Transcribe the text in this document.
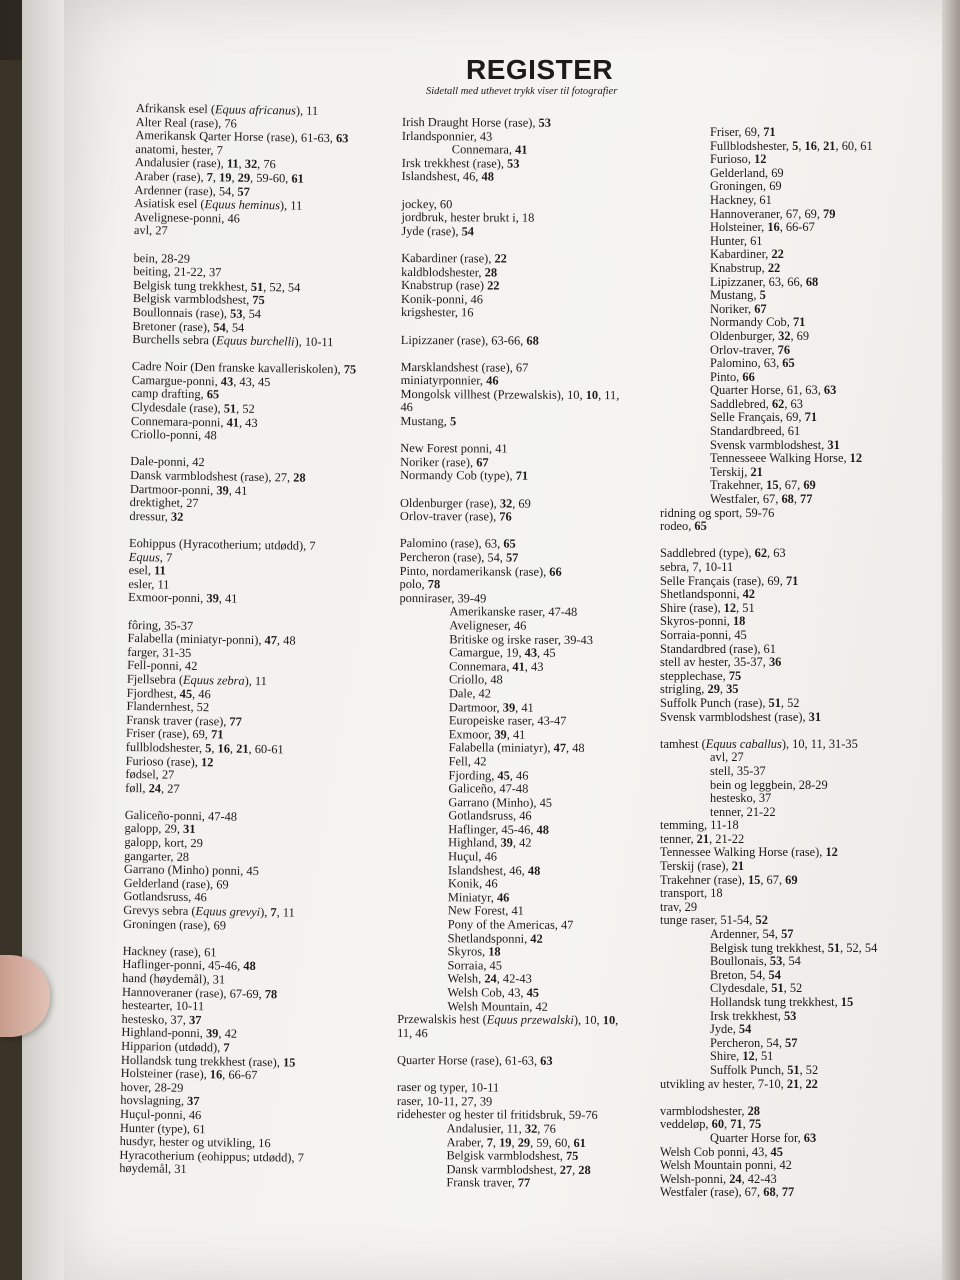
REGISTER
Sidetall med uthevet trykk viser til fotografier
Afrikansk esel (Equus africanus), 11
Alter Real (rase), 76
Amerikansk Qarter Horse (rase), 61-63, 63
anatomi, hester, 7
Andalusier (rase), 11, 32, 76
Araber (rase), 7, 19, 29, 59-60, 61
Ardenner (rase), 54, 57
Asiatisk esel (Equus heminus), 11
Avelignese-ponni, 46
avl, 27
bein, 28-29
beiting, 21-22, 37
Belgisk tung trekkhest, 51, 52, 54
Belgisk varmblodshest, 75
Boullonnais (rase), 53, 54
Bretoner (rase), 54, 54
Burchells sebra (Equus burchelli), 10-11
Cadre Noir (Den franske kavalleriskolen), 75
Camargue-ponni, 43, 43, 45
camp drafting, 65
Clydesdale (rase), 51, 52
Connemara-ponni, 41, 43
Criollo-ponni, 48
Dale-ponni, 42
Dansk varmblodshest (rase), 27, 28
Dartmoor-ponni, 39, 41
drektighet, 27
dressur, 32
Eohippus (Hyracotherium; utdødd), 7
Equus, 7
esel, 11
esler, 11
Exmoor-ponni, 39, 41
fôring, 35-37
Falabella (miniatyr-ponni), 47, 48
farger, 31-35
Fell-ponni, 42
Fjellsebra (Equus zebra), 11
Fjordhest, 45, 46
Flandernhest, 52
Fransk traver (rase), 77
Friser (rase), 69, 71
fullblodshester, 5, 16, 21, 60-61
Furioso (rase), 12
fødsel, 27
føll, 24, 27
Galiceño-ponni, 47-48
galopp, 29, 31
galopp, kort, 29
gangarter, 28
Garrano (Minho) ponni, 45
Gelderland (rase), 69
Gotlandsruss, 46
Grevys sebra (Equus grevyi), 7, 11
Groningen (rase), 69
Hackney (rase), 61
Haflinger-ponni, 45-46, 48
hand (høydemål), 31
Hannoveraner (rase), 67-69, 78
hestearter, 10-11
hestesko, 37, 37
Highland-ponni, 39, 42
Hipparion (utdødd), 7
Hollandsk tung trekkhest (rase), 15
Holsteiner (rase), 16, 66-67
hover, 28-29
hovslagning, 37
Huçul-ponni, 46
Hunter (type), 61
husdyr, hester og utvikling, 16
Hyracotherium (eohippus; utdødd), 7
høydemål, 31
Irish Draught Horse (rase), 53
Irlandsponnier, 43
Connemara, 41
Irsk trekkhest (rase), 53
Islandshest, 46, 48
jockey, 60
jordbruk, hester brukt i, 18
Jyde (rase), 54
Kabardiner (rase), 22
kaldblodshester, 28
Knabstrup (rase) 22
Konik-ponni, 46
krigshester, 16
Lipizzaner (rase), 63-66, 68
Marsklandshest (rase), 67
miniatyrponnier, 46
Mongolsk villhest (Przewalskis), 10, 10, 11,
46
Mustang, 5
New Forest ponni, 41
Noriker (rase), 67
Normandy Cob (type), 71
Oldenburger (rase), 32, 69
Orlov-traver (rase), 76
Palomino (rase), 63, 65
Percheron (rase), 54, 57
Pinto, nordamerikansk (rase), 66
polo, 78
ponniraser, 39-49
Amerikanske raser, 47-48
Aveligneser, 46
Britiske og irske raser, 39-43
Camargue, 19, 43, 45
Connemara, 41, 43
Criollo, 48
Dale, 42
Dartmoor, 39, 41
Europeiske raser, 43-47
Exmoor, 39, 41
Falabella (miniatyr), 47, 48
Fell, 42
Fjording, 45, 46
Galiceño, 47-48
Garrano (Minho), 45
Gotlandsruss, 46
Haflinger, 45-46, 48
Highland, 39, 42
Huçul, 46
Islandshest, 46, 48
Konik, 46
Miniatyr, 46
New Forest, 41
Pony of the Americas, 47
Shetlandsponni, 42
Skyros, 18
Sorraia, 45
Welsh, 24, 42-43
Welsh Cob, 43, 45
Welsh Mountain, 42
Przewalskis hest (Equus przewalski), 10, 10,
11, 46
Quarter Horse (rase), 61-63, 63
raser og typer, 10-11
raser, 10-11, 27, 39
ridehester og hester til fritidsbruk, 59-76
Andalusier, 11, 32, 76
Araber, 7, 19, 29, 59, 60, 61
Belgisk varmblodshest, 75
Dansk varmblodshest, 27, 28
Fransk traver, 77
Friser, 69, 71
Fullblodshester, 5, 16, 21, 60, 61
Furioso, 12
Gelderland, 69
Groningen, 69
Hackney, 61
Hannoveraner, 67, 69, 79
Holsteiner, 16, 66-67
Hunter, 61
Kabardiner, 22
Knabstrup, 22
Lipizzaner, 63, 66, 68
Mustang, 5
Noriker, 67
Normandy Cob, 71
Oldenburger, 32, 69
Orlov-traver, 76
Palomino, 63, 65
Pinto, 66
Quarter Horse, 61, 63, 63
Saddlebred, 62, 63
Selle Français, 69, 71
Standardbreed, 61
Svensk varmblodshest, 31
Tennesseee Walking Horse, 12
Terskij, 21
Trakehner, 15, 67, 69
Westfaler, 67, 68, 77
ridning og sport, 59-76
rodeo, 65
Saddlebred (type), 62, 63
sebra, 7, 10-11
Selle Français (rase), 69, 71
Shetlandsponni, 42
Shire (rase), 12, 51
Skyros-ponni, 18
Sorraia-ponni, 45
Standardbred (rase), 61
stell av hester, 35-37, 36
stepplechase, 75
strigling, 29, 35
Suffolk Punch (rase), 51, 52
Svensk varmblodshest (rase), 31
tamhest (Equus caballus), 10, 11, 31-35
avl, 27
stell, 35-37
bein og leggbein, 28-29
hestesko, 37
tenner, 21-22
temming, 11-18
tenner, 21, 21-22
Tennessee Walking Horse (rase), 12
Terskij (rase), 21
Trakehner (rase), 15, 67, 69
transport, 18
trav, 29
tunge raser, 51-54, 52
Ardenner, 54, 57
Belgisk tung trekkhest, 51, 52, 54
Boullonais, 53, 54
Breton, 54, 54
Clydesdale, 51, 52
Hollandsk tung trekkhest, 15
Irsk trekkhest, 53
Jyde, 54
Percheron, 54, 57
Shire, 12, 51
Suffolk Punch, 51, 52
utvikling av hester, 7-10, 21, 22
varmblodshester, 28
veddeløp, 60, 71, 75
Quarter Horse for, 63
Welsh Cob ponni, 43, 45
Welsh Mountain ponni, 42
Welsh-ponni, 24, 42-43
Westfaler (rase), 67, 68, 77
